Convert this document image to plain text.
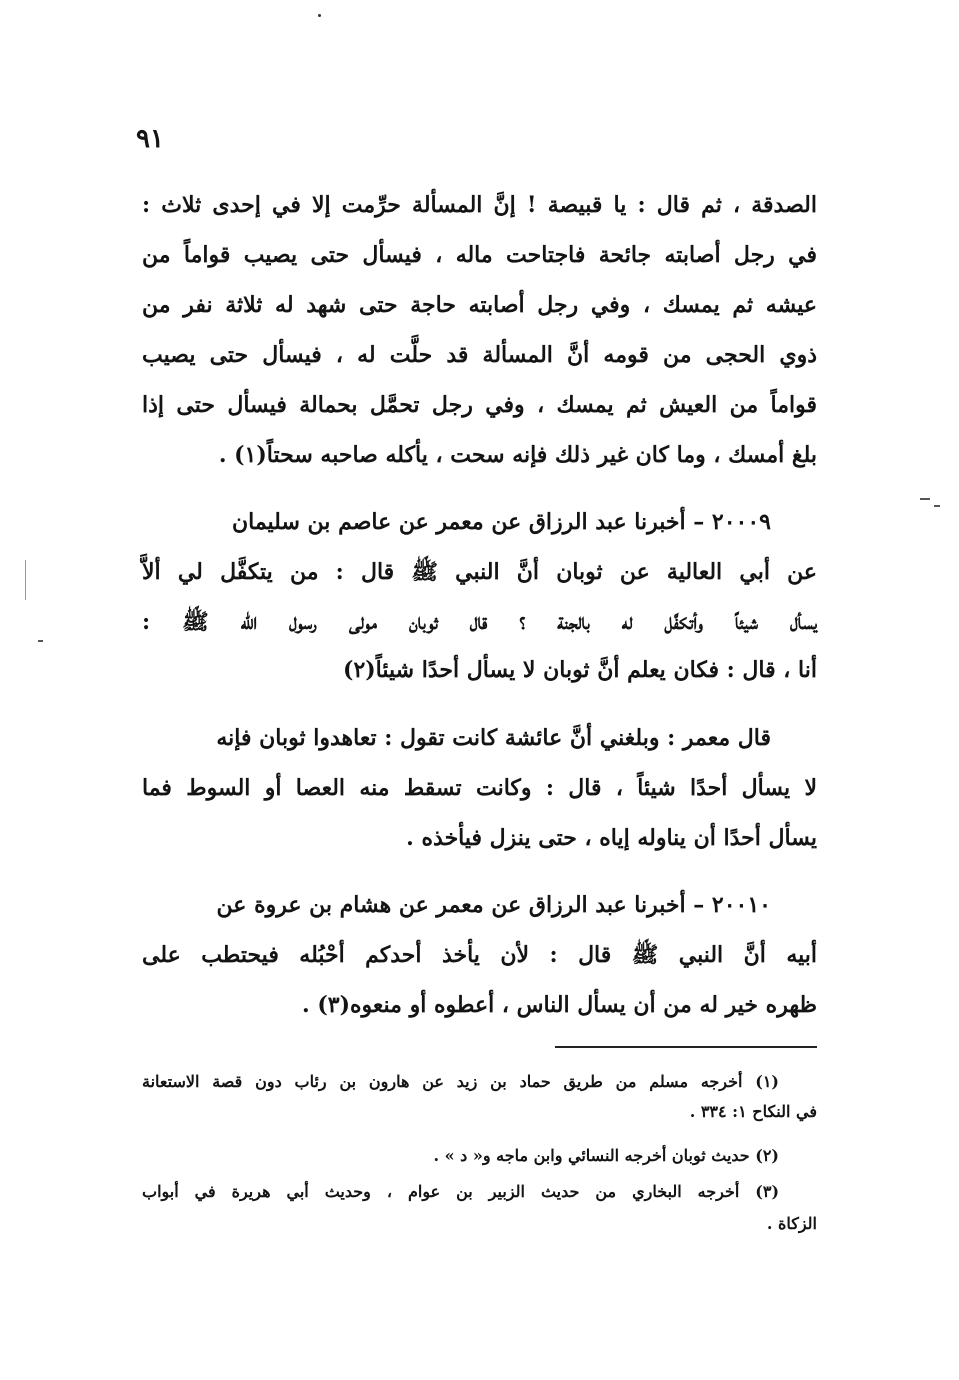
٩١

الصدقة ، ثم قال : يا قبيصة ! إنَّ المسألة حرِّمت إلا في إحدى ثلاث :

في رجل أصابته جائحة فاجتاحت ماله ، فيسأل حتى يصيب قواماً من

عيشه ثم يمسك ، وفي رجل أصابته حاجة حتى شهد له ثلاثة نفر من

ذوي الحجى من قومه أنَّ المسألة قد حلَّت له ، فيسأل حتى يصيب

قواماً من العيش ثم يمسك ، وفي رجل تحمَّل بحمالة فيسأل حتى إذا

بلغ أمسك ، وما كان غير ذلك فإنه سحت ، يأكله صاحبه سحتاً(١) .

٢٠٠٠٩ – أخبرنا عبد الرزاق عن معمر عن عاصم بن سليمان

عن أبي العالية عن ثوبان أنَّ النبي ﷺ قال : من يتكفَّل لي ألاَّ

يسأل شيئاً وأتكفَّل له بالجنة ؟ قال ثوبان مولى رسول الله ﷺ :

أنا ، قال : فكان يعلم أنَّ ثوبان لا يسأل أحدًا شيئاً(٢)

قال معمر : وبلغني أنَّ عائشة كانت تقول : تعاهدوا ثوبان فإنه

لا يسأل أحدًا شيئاً ، قال : وكانت تسقط منه العصا أو السوط فما

يسأل أحدًا أن يناوله إياه ، حتى ينزل فيأخذه .

٢٠٠١٠ – أخبرنا عبد الرزاق عن معمر عن هشام بن عروة عن

أبيه أنَّ النبي ﷺ قال : لأن يأخذ أحدكم أحْبُله فيحتطب على

ظهره خير له من أن يسأل الناس ، أعطوه أو منعوه(٣) .

(١) أخرجه مسلم من طريق حماد بن زيد عن هارون بن رئاب دون قصة الاستعانة

في النكاح ١: ٣٣٤ .

(٢) حديث ثوبان أخرجه النسائي وابن ماجه و« د » .

(٣) أخرجه البخاري من حديث الزبير بن عوام ، وحديث أبي هريرة في أبواب

الزكاة .
